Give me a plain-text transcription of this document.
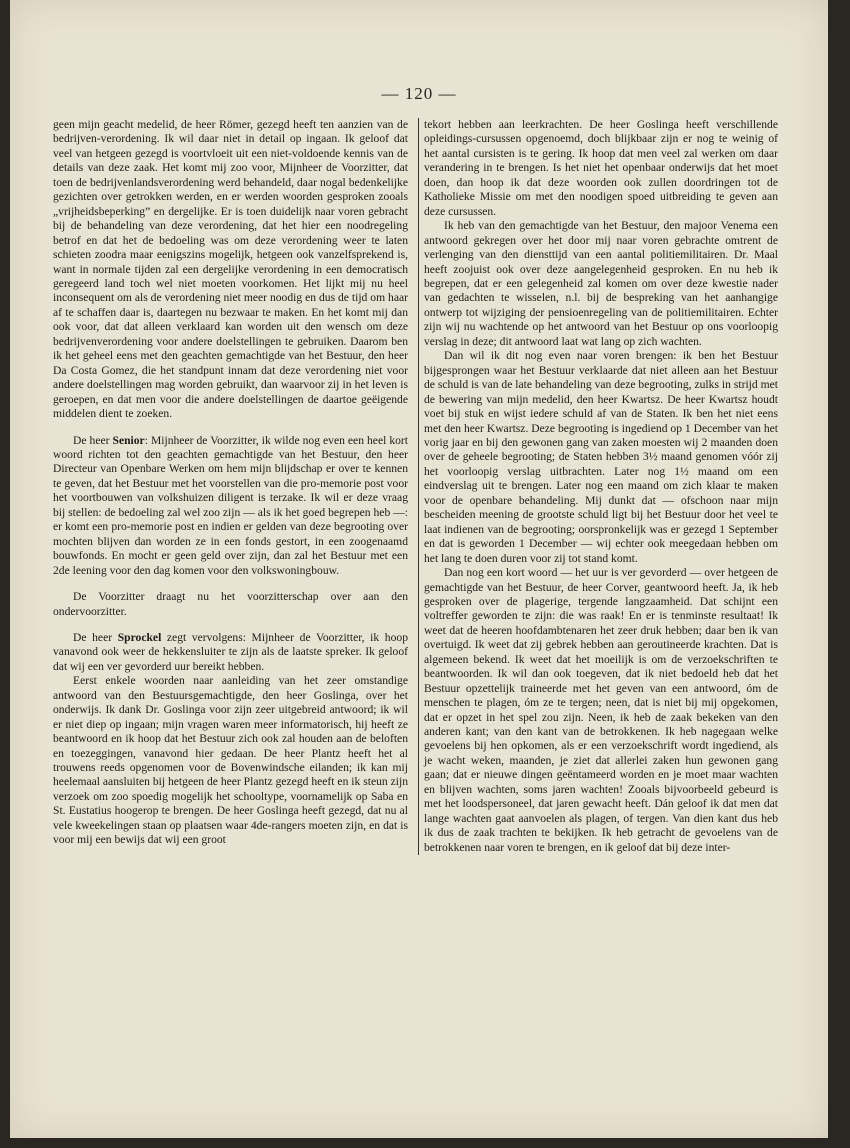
— 120 —

geen mijn geacht medelid, de heer Römer, gezegd heeft ten aanzien van de bedrijven-verordening. Ik wil daar niet in detail op ingaan. Ik geloof dat veel van hetgeen gezegd is voortvloeit uit een niet-voldoende kennis van de details van deze zaak. Het komt mij zoo voor, Mijnheer de Voorzitter, dat toen de bedrijvenlandsverordening werd behandeld, daar nogal bedenkelijke gezichten over getrokken werden, en er werden woorden gesproken zooals „vrijheidsbeperking” en dergelijke. Er is toen duidelijk naar voren gebracht bij de behandeling van deze verordening, dat het hier een noodregeling betrof en dat het de bedoeling was om deze verordening weer te laten schieten zoodra maar eenigszins mogelijk, hetgeen ook vanzelfsprekend is, want in normale tijden zal een dergelijke verordening in een democratisch geregeerd land toch wel niet moeten voorkomen. Het lijkt mij nu heel inconsequent om als de verordening niet meer noodig en dus de tijd om haar af te schaffen daar is, daartegen nu bezwaar te maken. En het komt mij dan ook voor, dat dat alleen verklaard kan worden uit den wensch om deze bedrijvenverordening voor andere doelstellingen te gebruiken. Daarom ben ik het geheel eens met den geachten gemachtigde van het Bestuur, den heer Da Costa Gomez, die het standpunt innam dat deze verordening niet voor andere doelstellingen mag worden gebruikt, dan waarvoor zij in het leven is geroepen, en dat men voor die andere doelstellingen de daartoe geëigende middelen dient te zoeken.

De heer Senior: Mijnheer de Voorzitter, ik wilde nog even een heel kort woord richten tot den geachten gemachtigde van het Bestuur, den heer Directeur van Openbare Werken om hem mijn blijdschap er over te kennen te geven, dat het Bestuur met het voorstellen van die pro-memorie post voor het voortbouwen van volkshuizen diligent is terzake. Ik wil er deze vraag bij stellen: de bedoeling zal wel zoo zijn — als ik het goed begrepen heb —: er komt een pro-memorie post en indien er gelden van deze begrooting over mochten blijven dan worden ze in een fonds gestort, in een zoogenaamd bouwfonds. En mocht er geen geld over zijn, dan zal het Bestuur met een 2de leening voor den dag komen voor den volkswoningbouw.

De Voorzitter draagt nu het voorzitterschap over aan den ondervoorzitter.

De heer Sprockel zegt vervolgens: Mijnheer de Voorzitter, ik hoop vanavond ook weer de hekkensluiter te zijn als de laatste spreker. Ik geloof dat wij een ver gevorderd uur bereikt hebben.

Eerst enkele woorden naar aanleiding van het zeer omstandige antwoord van den Bestuursgemachtigde, den heer Goslinga, over het onderwijs. Ik dank Dr. Goslinga voor zijn zeer uitgebreid antwoord; ik wil er niet diep op ingaan; mijn vragen waren meer informatorisch, hij heeft ze beantwoord en ik hoop dat het Bestuur zich ook zal houden aan de beloften en toezeggingen, vanavond hier gedaan. De heer Plantz heeft het al trouwens reeds opgenomen voor de Bovenwindsche eilanden; ik kan mij heelemaal aansluiten bij hetgeen de heer Plantz gezegd heeft en ik steun zijn verzoek om zoo spoedig mogelijk het schooltype, voornamelijk op Saba en St. Eustatius hoogerop te brengen. De heer Goslinga heeft gezegd, dat nu al vele kweekelingen staan op plaatsen waar 4de-rangers moeten zijn, en dat is voor mij een bewijs dat wij een groot

tekort hebben aan leerkrachten. De heer Goslinga heeft verschillende opleidings-cursussen opgenoemd, doch blijkbaar zijn er nog te weinig of het aantal cursisten is te gering. Ik hoop dat men veel zal werken om daar verandering in te brengen. Is het niet het openbaar onderwijs dat het moet doen, dan hoop ik dat deze woorden ook zullen doordringen tot de Katholieke Missie om met den noodigen spoed uitbreiding te geven aan deze cursussen.

Ik heb van den gemachtigde van het Bestuur, den majoor Venema een antwoord gekregen over het door mij naar voren gebrachte omtrent de verlenging van den diensttijd van een aantal politiemilitairen. Dr. Maal heeft zoojuist ook over deze aangelegenheid gesproken. En nu heb ik begrepen, dat er een gelegenheid zal komen om over deze kwestie nader van gedachten te wisselen, n.l. bij de bespreking van het aanhangige ontwerp tot wijziging der pensioenregeling van de politiemilitairen. Echter zijn wij nu wachtende op het antwoord van het Bestuur op ons voorloopig verslag in deze; dit antwoord laat wat lang op zich wachten.

Dan wil ik dit nog even naar voren brengen: ik ben het Bestuur bijgesprongen waar het Bestuur verklaarde dat niet alleen aan het Bestuur de schuld is van de late behandeling van deze begrooting, zulks in strijd met de bewering van mijn medelid, den heer Kwartsz. De heer Kwartsz houdt voet bij stuk en wijst iedere schuld af van de Staten. Ik ben het niet eens met den heer Kwartsz. Deze begrooting is ingediend op 1 December van het vorig jaar en bij den gewonen gang van zaken moesten wij 2 maanden doen over de geheele begrooting; de Staten hebben 3½ maand genomen vóór zij het voorloopig verslag uitbrachten. Later nog 1½ maand om een eindverslag uit te brengen. Later nog een maand om zich klaar te maken voor de openbare behandeling. Mij dunkt dat — ofschoon naar mijn bescheiden meening de grootste schuld ligt bij het Bestuur door het veel te laat indienen van de begrooting; oorspronkelijk was er gezegd 1 September en dat is geworden 1 December — wij echter ook meegedaan hebben om het lang te doen duren voor zij tot stand komt.

Dan nog een kort woord — het uur is ver gevorderd — over hetgeen de gemachtigde van het Bestuur, de heer Corver, geantwoord heeft. Ja, ik heb gesproken over de plagerige, tergende langzaamheid. Dat schijnt een voltreffer geworden te zijn: die was raak! En er is tenminste resultaat! Ik weet dat de heeren hoofdambtenaren het zeer druk hebben; daar ben ik van overtuigd. Ik weet dat zij gebrek hebben aan geroutineerde krachten. Dat is algemeen bekend. Ik weet dat het moeilijk is om de verzoekschriften te beantwoorden. Ik wil dan ook toegeven, dat ik niet bedoeld heb dat het Bestuur opzettelijk traineerde met het geven van een antwoord, óm de menschen te plagen, óm ze te tergen; neen, dat is niet bij mij opgekomen, dat er opzet in het spel zou zijn. Neen, ik heb de zaak bekeken van den anderen kant; van den kant van de betrokkenen. Ik heb nagegaan welke gevoelens bij hen opkomen, als er een verzoekschrift wordt ingediend, als je wacht weken, maanden, je ziet dat allerlei zaken hun gewonen gang gaan; dat er nieuwe dingen geëntameerd worden en je moet maar wachten en blijven wachten, soms jaren wachten! Zooals bijvoorbeeld gebeurd is met het loodspersoneel, dat jaren gewacht heeft. Dán geloof ik dat men dat lange wachten gaat aanvoelen als plagen, of tergen. Van dien kant dus heb ik dus de zaak trachten te bekijken. Ik heb getracht de gevoelens van de betrokkenen naar voren te brengen, en ik geloof dat bij deze inter-
